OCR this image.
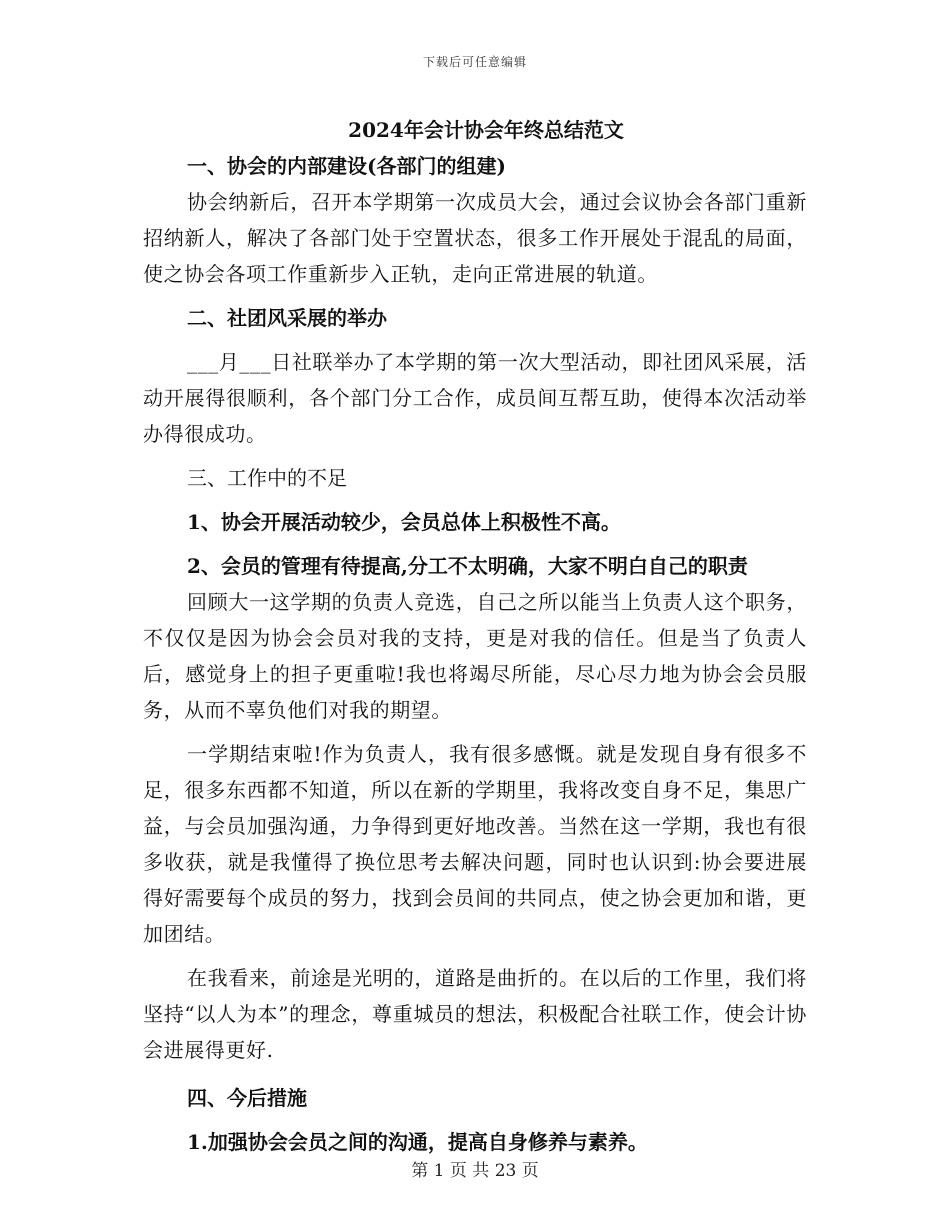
下载后可任意编辑
2024年会计协会年终总结范文
一、协会的内部建设(各部门的组建)
协会纳新后，召开本学期第一次成员大会，通过会议协会各部门重新招纳新人，解决了各部门处于空置状态，很多工作开展处于混乱的局面，使之协会各项工作重新步入正轨，走向正常进展的轨道。
二、社团风采展的举办
___月___日社联举办了本学期的第一次大型活动，即社团风采展，活动开展得很顺利，各个部门分工合作，成员间互帮互助，使得本次活动举办得很成功。
三、工作中的不足
1、协会开展活动较少，会员总体上积极性不高。
2、会员的管理有待提高,分工不太明确，大家不明白自己的职责
回顾大一这学期的负责人竞选，自己之所以能当上负责人这个职务，不仅仅是因为协会会员对我的支持，更是对我的信任。但是当了负责人后，感觉身上的担子更重啦!我也将竭尽所能，尽心尽力地为协会会员服务，从而不辜负他们对我的期望。
一学期结束啦!作为负责人，我有很多感慨。就是发现自身有很多不足，很多东西都不知道，所以在新的学期里，我将改变自身不足，集思广益，与会员加强沟通，力争得到更好地改善。当然在这一学期，我也有很多收获，就是我懂得了换位思考去解决问题，同时也认识到:协会要进展得好需要每个成员的努力，找到会员间的共同点，使之协会更加和谐，更加团结。
在我看来，前途是光明的，道路是曲折的。在以后的工作里，我们将坚持“以人为本”的理念，尊重城员的想法，积极配合社联工作，使会计协会进展得更好.
四、今后措施
1.加强协会会员之间的沟通，提高自身修养与素养。
第 1 页 共 23 页
